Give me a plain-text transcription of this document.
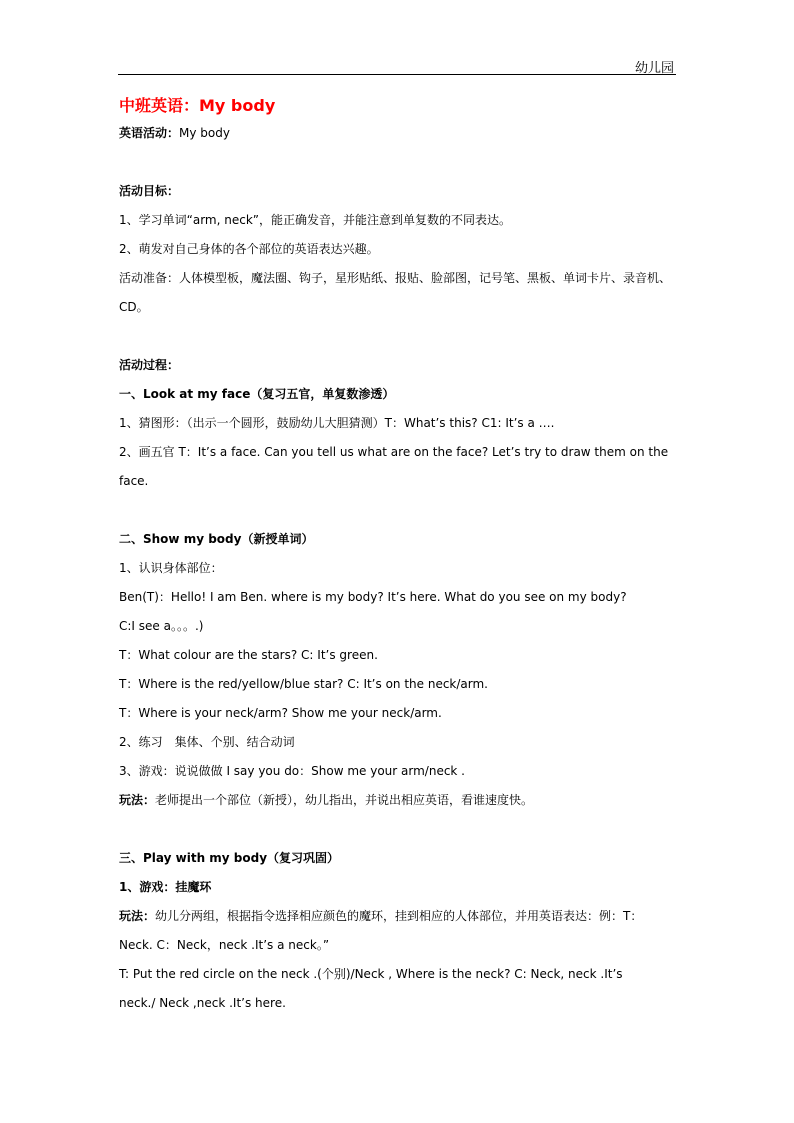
幼儿园
中班英语：My body
英语活动：My body
活动目标：
1、学习单词“arm, neck”，能正确发音，并能注意到单复数的不同表达。
2、萌发对自己身体的各个部位的英语表达兴趣。
活动准备：人体模型板，魔法圈、钩子，星形贴纸、报贴、脸部图，记号笔、黑板、单词卡片、录音机、
CD。
活动过程：
一、Look at my face（复习五官，单复数渗透）
1、猜图形：（出示一个圆形，鼓励幼儿大胆猜测）T：What’s this? C1: It’s a ….
2、画五官 T：It’s a face. Can you tell us what are on the face? Let’s try to draw them on the
face.
二、Show my body（新授单词）
1、认识身体部位：
Ben(T)：Hello! I am Ben. where is my body? It’s here. What do you see on my body?
C:I see a。。。.)
T：What colour are the stars? C: It’s green.
T：Where is the red/yellow/blue star? C: It’s on the neck/arm.
T：Where is your neck/arm? Show me your neck/arm.
2、练习　集体、个别、结合动词
3、游戏：说说做做 I say you do：Show me your arm/neck .
玩法：老师提出一个部位（新授），幼儿指出，并说出相应英语，看谁速度快。
三、Play with my body（复习巩固）
1、游戏：挂魔环
玩法：幼儿分两组，根据指令选择相应颜色的魔环，挂到相应的人体部位，并用英语表达：例：T：
Neck. C：Neck，neck .It’s a neck。”
T: Put the red circle on the neck .(个别)/Neck , Where is the neck? C: Neck, neck .It’s
neck./ Neck ,neck .It’s here.
